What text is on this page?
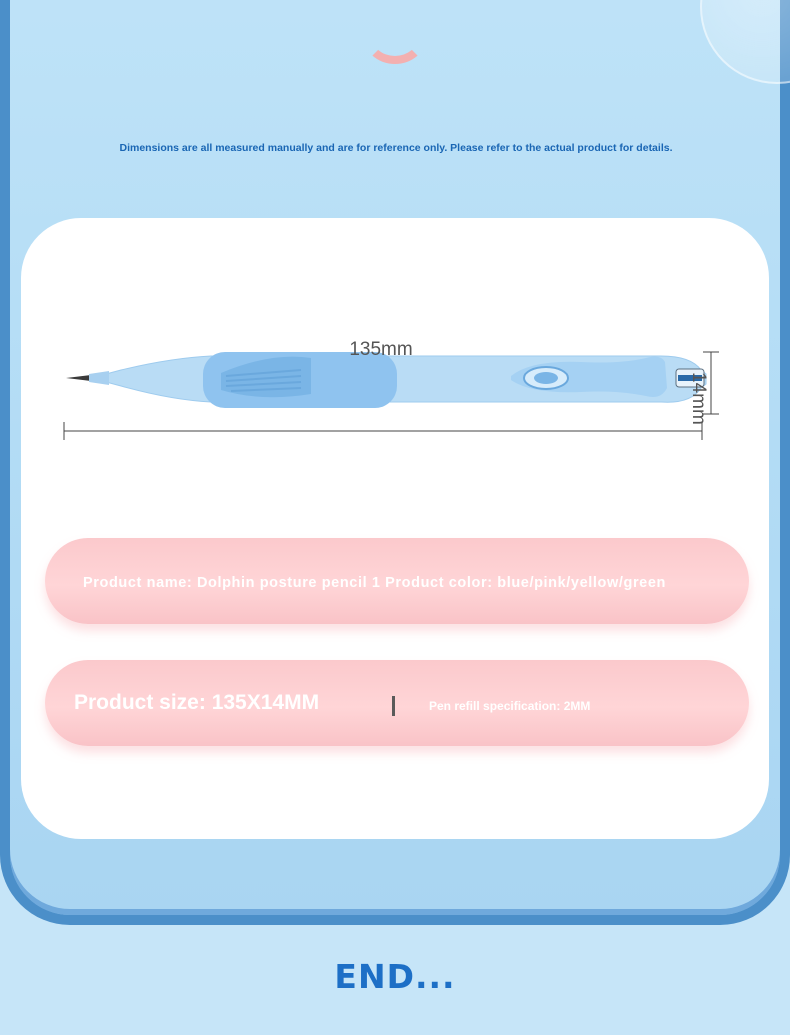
Dimensions are all measured manually and are for reference only. Please refer to the actual product for details.
135mm
14mm
Product name: Dolphin posture pencil 1 Product color: blue/pink/yellow/green
Product size: 135X14MM	Pen refill specification: 2MM
END...
